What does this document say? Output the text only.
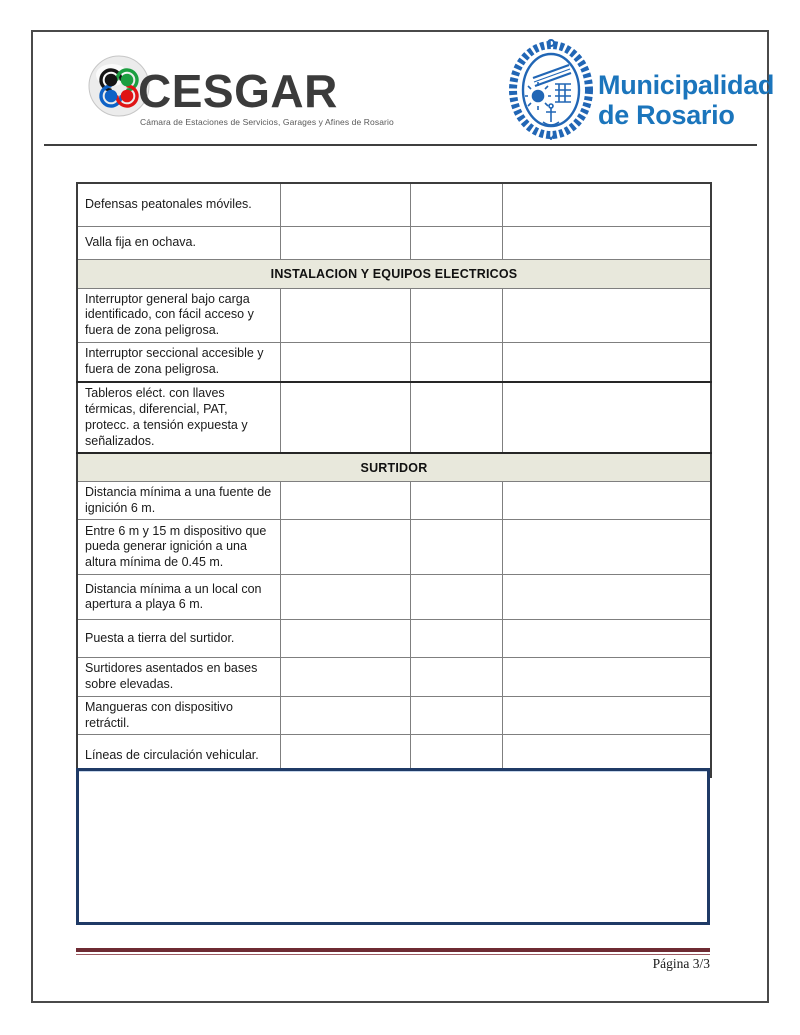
CESGAR
Cámara de Estaciones de Servicios, Garages y Afines de Rosario
Municipalidad
de Rosario
Defensas peatonales móviles.			
Valla fija en ochava.			
INSTALACION Y EQUIPOS ELECTRICOS			
Interruptor general bajo carga identificado, con fácil acceso y fuera de zona peligrosa.			
Interruptor seccional accesible y fuera de zona peligrosa.			
Tableros eléct. con llaves térmicas, diferencial, PAT, protecc. a tensión expuesta y señalizados.			
SURTIDOR			
Distancia mínima a una fuente de ignición 6 m.			
Entre 6 m y 15 m dispositivo que pueda generar ignición a una altura mínima de 0.45 m.			
Distancia mínima a un local con apertura a playa 6 m.			
Puesta a tierra del surtidor.			
Surtidores asentados en bases sobre elevadas.			
Mangueras con dispositivo retráctil.			
Líneas de circulación vehicular.			
Página 3/3
